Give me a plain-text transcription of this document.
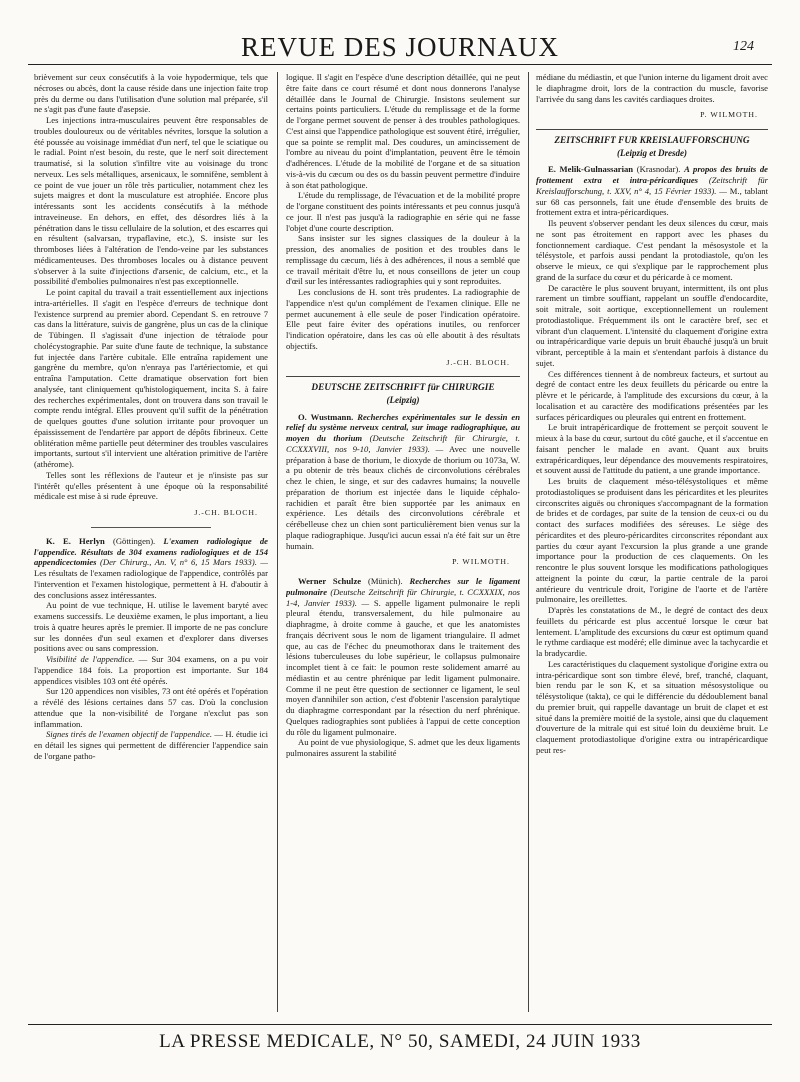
REVUE DES JOURNAUX	124

brièvement sur ceux consécutifs à la voie hypodermique, tels que nécroses ou abcès, dont la cause réside dans une injection faite trop près du derme ou dans l'utilisation d'une solution mal préparée, s'il ne s'agit pas d'une faute d'asepsie.

Les injections intra-musculaires peuvent être responsables de troubles douloureux ou de véritables névrites, lorsque la solution a été poussée au voisinage immédiat d'un nerf, tel que le sciatique ou le radial. Point n'est besoin, du reste, que le nerf soit directement traumatisé, si la solution s'infiltre vite au voisinage du tronc nerveux. Les sels métalliques, arsenicaux, le somnifène, semblent à ce point de vue jouer un rôle très particulier, notamment chez les sujets maigres et dont la musculature est atrophiée. Encore plus intéressants sont les accidents consécutifs à la méthode intraveineuse. En dehors, en effet, des désordres liés à la pénétration dans le tissu cellulaire de la solution, et des escarres qui en résultent (salvarsan, trypaflavine, etc.), S. insiste sur les thromboses liées à l'altération de l'endo-veine par les substances médicamenteuses. Des thromboses locales ou à distance peuvent s'observer à la suite d'injections d'arsenic, de calcium, etc., et la possibilité d'embolies pulmonaires n'est pas exceptionnelle.

Le point capital du travail a trait essentiellement aux injections intra-artérielles. Il s'agit en l'espèce d'erreurs de technique dont l'existence surprend au premier abord. Cependant S. en retrouve 7 cas dans la littérature, suivis de gangrène, plus un cas de la clinique de Tübingen. Il s'agissait d'une injection de tétraïode pour cholécystographie. Par suite d'une faute de technique, la substance fut injectée dans l'artère cubitale. Elle entraîna rapidement une gangrène du membre, qu'on n'enraya pas l'artériectomie, et qui entraîna l'amputation. Cette dramatique observation fort bien analysée, tant cliniquement qu'histologiquement, incita S. à faire des recherches expérimentales, dont on trouvera dans son travail le compte rendu intégral. Elles prouvent qu'il suffit de la pénétration de quelques gouttes d'une solution irritante pour provoquer un épaississement de l'endartère par apport de dépôts fibrineux. Cette oblitération même partielle peut déterminer des troubles vasculaires importants, surtout s'il intervient une altération primitive de l'artère (athérome).

Telles sont les réflexions de l'auteur et je n'insiste pas sur l'intérêt qu'elles présentent à une époque où la responsabilité médicale est mise à si rude épreuve.

J.-CH. BLOCH.

K. E. Herlyn (Göttingen). L'examen radiologique de l'appendice. Résultats de 304 examens radiologiques et de 154 appendicectomies (Der Chirurg., An. V, n° 6, 15 Mars 1933). — Les résultats de l'examen radiologique de l'appendice, contrôlés par l'intervention et l'examen histologique, permettent à H. d'aboutir à des conclusions assez intéressantes.

Au point de vue technique, H. utilise le lavement baryté avec examens successifs. Le deuxième examen, le plus important, a lieu trois à quatre heures après le premier. Il importe de ne pas conclure sur les données d'un seul examen et d'explorer dans diverses positions avec ou sans compression.

Visibilité de l'appendice. — Sur 304 examens, on a pu voir l'appendice 184 fois. La proportion est importante. Sur 184 appendices visibles 103 ont été opérés.

Sur 120 appendices non visibles, 73 ont été opérés et l'opération a révélé des lésions certaines dans 57 cas. D'où la conclusion attendue que la non-visibilité de l'organe n'exclut pas son inflammation.

Signes tirés de l'examen objectif de l'appendice. — H. étudie ici en détail les signes qui permettent de différencier l'appendice sain de l'organe patho-

logique. Il s'agit en l'espèce d'une description détaillée, qui ne peut être faite dans ce court résumé et dont nous donnerons l'analyse détaillée dans le Journal de Chirurgie. Insistons seulement sur certains points particuliers. L'étude du remplissage et de la forme de l'organe permet souvent de penser à des troubles pathologiques. C'est ainsi que l'appendice pathologique est souvent étiré, irrégulier, que sa pointe se remplit mal. Des coudures, un amincissement de l'ombre au niveau du point d'implantation, peuvent être le témoin d'adhérences. L'étude de la mobilité de l'organe et de sa situation vis-à-vis du cæcum ou des os du bassin peuvent permettre d'induire à son état pathologique.

L'étude du remplissage, de l'évacuation et de la mobilité propre de l'organe constituent des points intéressants et peu connus jusqu'à ce jour. Il n'est pas jusqu'à la radiographie en série qui ne fasse l'objet d'une courte description.

Sans insister sur les signes classiques de la douleur à la pression, des anomalies de position et des troubles dans le remplissage du cæcum, liés à des adhérences, il nous a semblé que ce travail méritait d'être lu, et nous conseillons de jeter un coup d'œil sur les intéressantes radiographies qui y sont reproduites.

Les conclusions de H. sont très prudentes. La radiographie de l'appendice n'est qu'un complément de l'examen clinique. Elle ne permet aucunement à elle seule de poser l'indication opératoire. Elle peut faire éviter des opérations inutiles, ou renforcer l'indication opératoire, dans les cas où elle aboutit à des résultats objectifs.

J.-CH. BLOCH.
DEUTSCHE ZEITSCHRIFT für CHIRURGIE
(Leipzig)

O. Wustmann. Recherches expérimentales sur le dessin en relief du système nerveux central, sur image radiographique, au moyen du thorium (Deutsche Zeitschrift für Chirurgie, t. CCXXXVIII, nos 9-10, Janvier 1933). — Avec une nouvelle préparation à base de thorium, le dioxyde de thorium ou 1073a, W. a pu obtenir de très beaux clichés de circonvolutions cérébrales chez le chien, le singe, et sur des cadavres humains; la nouvelle préparation de thorium est injectée dans le liquide céphalo-rachidien et paraît être bien supportée par les animaux en expérience. Les détails des circonvolutions cérébrale et cérébelleuse chez un chien sont particulièrement bien venus sur la plaque radiographique. Jusqu'ici aucun essai n'a été fait sur un être humain.

P. WILMOTH.

Werner Schulze (Münich). Recherches sur le ligament pulmonaire (Deutsche Zeitschrift für Chirurgie, t. CCXXXIX, nos 1-4, Janvier 1933). — S. appelle ligament pulmonaire le repli pleural étendu, transversalement, du hile pulmonaire au diaphragme, à droite comme à gauche, et que les anatomistes français décrivent sous le nom de ligament triangulaire. Il admet que, au cas de l'échec du pneumothorax dans le traitement des lésions tuberculeuses du lobe supérieur, le collapsus pulmonaire incomplet tient à ce fait: le poumon reste solidement amarré au médiastin et au centre phrénique par ledit ligament pulmonaire. Comme il ne peut être question de sectionner ce ligament, le seul moyen d'annihiler son action, c'est d'obtenir l'ascension paralytique du diaphragme correspondant par la résection du nerf phrénique. Quelques radiographies sont publiées à l'appui de cette conception du rôle du ligament pulmonaire.

Au point de vue physiologique, S. admet que les deux ligaments pulmonaires assurent la stabilité

médiane du médiastin, et que l'union interne du ligament droit avec le diaphragme droit, lors de la contraction du muscle, favorise l'arrivée du sang dans les cavités cardiaques droites.

P. WILMOTH.
ZEITSCHRIFT FUR KREISLAUFFORSCHUNG
(Leipzig et Dresde)

E. Melik-Gulnassarian (Krasnodar). A propos des bruits de frottement extra et intra-péricardiques (Zeitschrift für Kreislaufforschung, t. XXV, n° 4, 15 Février 1933). — M., tablant sur 68 cas personnels, fait une étude d'ensemble des bruits de frottement extra et intra-péricardiques.

Ils peuvent s'observer pendant les deux silences du cœur, mais ne sont pas étroitement en rapport avec les phases du fonctionnement cardiaque. C'est pendant la mésosystole et la télésystole, et parfois aussi pendant la protodiastole, qu'on les observe le mieux, ce qui s'explique par le rapprochement plus grand de la surface du cœur et du péricarde à ce moment.

De caractère le plus souvent bruyant, intermittent, ils ont plus rarement un timbre souffiant, rappelant un souffle d'endocardite, soit mitrale, soit aortique, exceptionnellement un roulement protodiastolique. Fréquemment ils ont le caractère bref, sec et vibrant d'un claquement. L'intensité du claquement d'origine extra ou intrapéricardique varie depuis un bruit ébauché jusqu'à un bruit vibrant, perceptible à la main et s'entendant parfois à distance du sujet.

Ces différences tiennent à de nombreux facteurs, et surtout au degré de contact entre les deux feuillets du péricarde ou entre la plèvre et le péricarde, à l'amplitude des excursions du cœur, à la localisation et au caractère des modifications présentées par les surfaces péricardiques ou pleurales qui entrent en frottement.

Le bruit intrapéricardique de frottement se perçoit souvent le mieux à la base du cœur, surtout du côté gauche, et il s'accentue en faisant pencher le malade en avant. Quant aux bruits extrapéricardiques, leur dépendance des mouvements respiratoires, et souvent aussi de l'attitude du patient, a une grande importance.

Les bruits de claquement méso-télésystoliques et même protodiastoliques se produisent dans les péricardites et les pleurites circonscrites aiguës ou chroniques s'accompagnant de la formation de brides et de cordages, par suite de la tension de ceux-ci ou du contact des surfaces modifiées des séreuses. Le siège des péricardites et des pleuro-péricardites circonscrites répondant aux parties du cœur ayant l'excursion la plus grande a une grande importance pour la production de ces claquements. On les rencontre le plus souvent lorsque les modifications pathologiques atteignent la pointe du cœur, la partie centrale de la paroi antérieure du ventricule droit, l'origine de l'aorte et de l'artère pulmonaire, les oreillettes.

D'après les constatations de M., le degré de contact des deux feuillets du péricarde est plus accentué lorsque le cœur bat lentement. L'amplitude des excursions du cœur est optimum quand le rythme cardiaque est modéré; elle diminue avec la tachycardie et la bradycardie.

Les caractéristiques du claquement systolique d'origine extra ou intra-péricardique sont son timbre élevé, bref, tranché, claquant, bien rendu par le son K, et sa situation mésosystolique ou télésystolique (takta), ce qui le différencie du dédoublement banal du premier bruit, qui rappelle davantage un bruit de clapet et est situé dans la première moitié de la systole, ainsi que du claquement d'ouverture de la mitrale qui est situé loin du deuxième bruit. Le claquement protodiastolique d'origine extra ou intrapéricardique peut res-

LA PRESSE MEDICALE, N° 50, SAMEDI, 24 JUIN 1933
